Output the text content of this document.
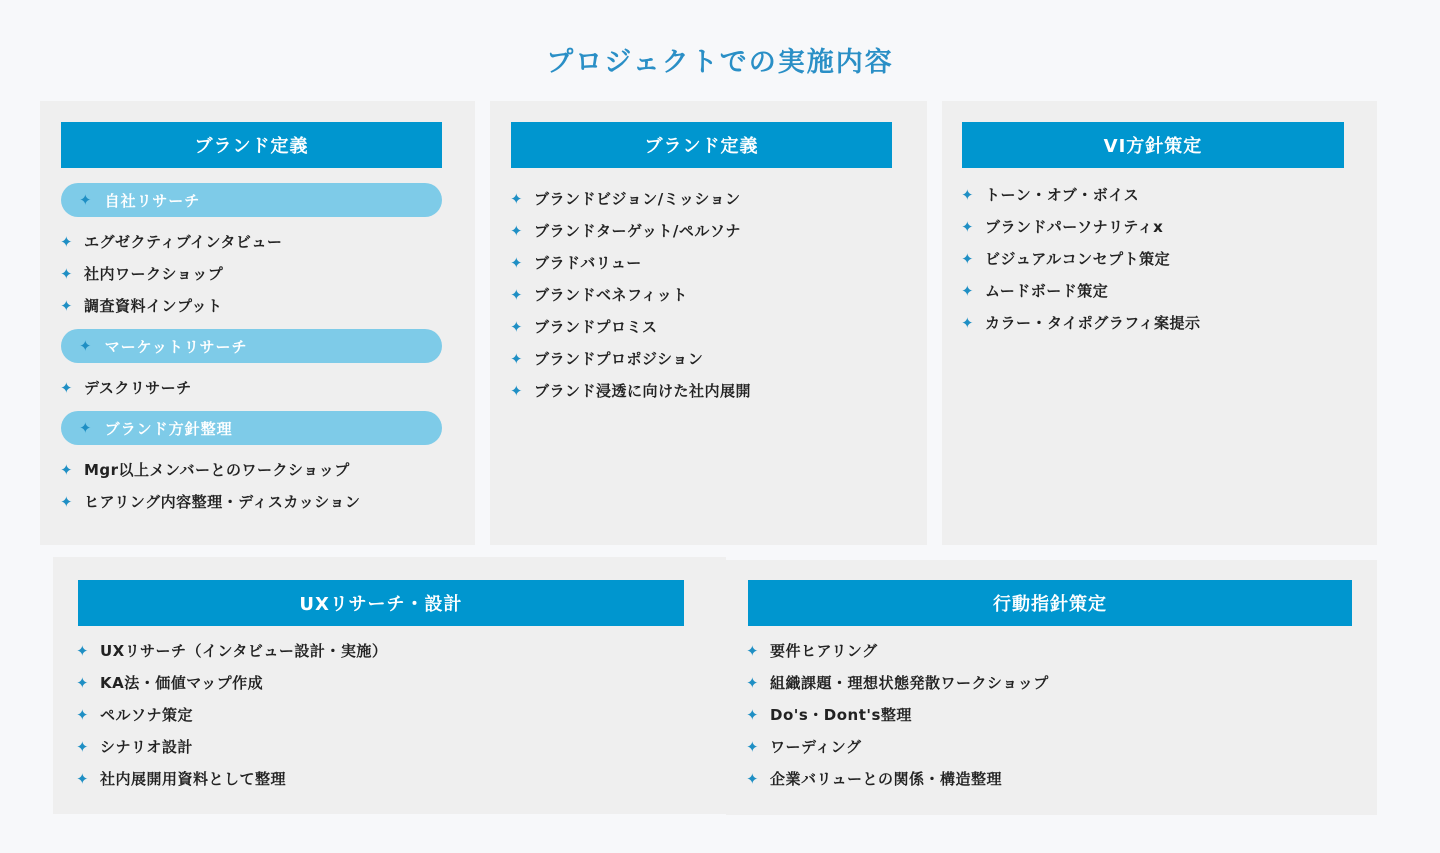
プロジェクトでの実施内容
ブランド定義
✦ 自社リサーチ
✦ エグゼクティブインタビュー
✦ 社内ワークショップ
✦ 調査資料インプット
✦ マーケットリサーチ
✦ デスクリサーチ
✦ ブランド方針整理
✦ Mgr以上メンバーとのワークショップ
✦ ヒアリング内容整理・ディスカッション
ブランド定義
✦ ブランドビジョン/ミッション
✦ ブランドターゲット/ペルソナ
✦ ブラドバリュー
✦ ブランドベネフィット
✦ ブランドプロミス
✦ ブランドプロポジション
✦ ブランド浸透に向けた社内展開
VI方針策定
✦ トーン・オブ・ボイス
✦ ブランドパーソナリティx
✦ ビジュアルコンセプト策定
✦ ムードボード策定
✦ カラー・タイポグラフィ案提示
UXリサーチ・設計
✦ UXリサーチ（インタビュー設計・実施）
✦ KA法・価値マップ作成
✦ ペルソナ策定
✦ シナリオ設計
✦ 社内展開用資料として整理
行動指針策定
✦ 要件ヒアリング
✦ 組織課題・理想状態発散ワークショップ
✦ Do's・Dont's整理
✦ ワーディング
✦ 企業バリューとの関係・構造整理
